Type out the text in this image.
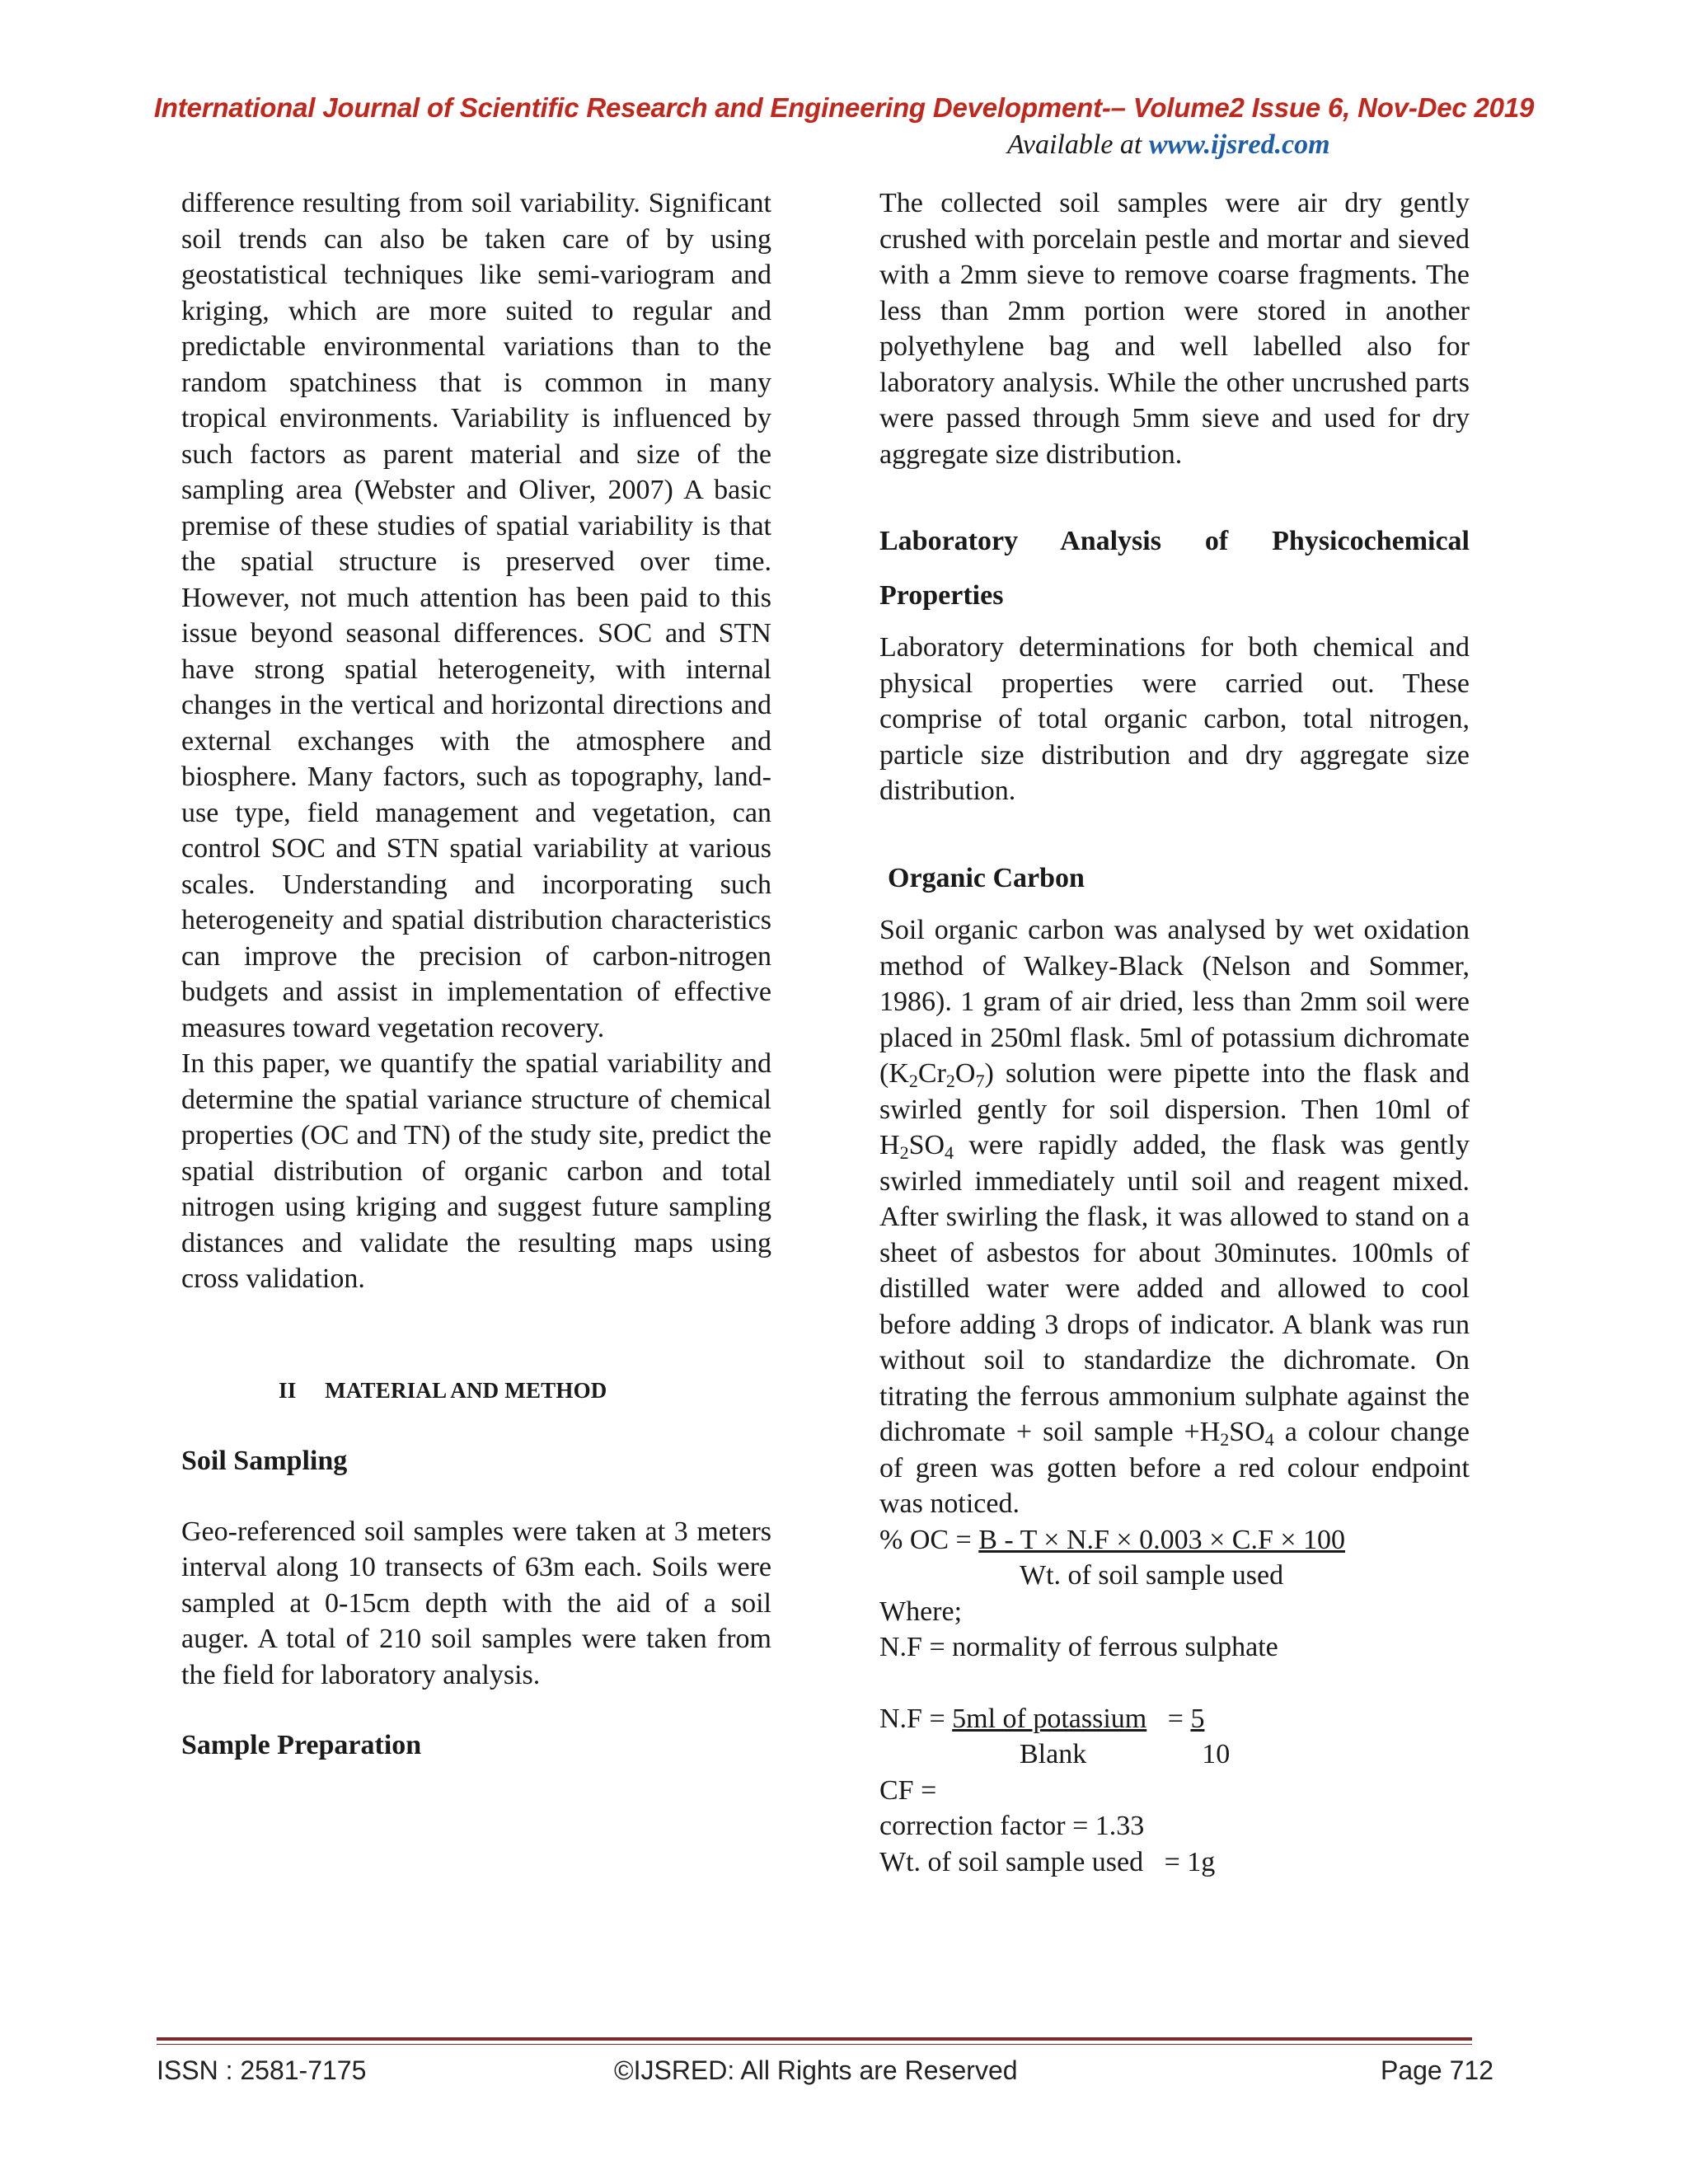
International Journal of Scientific Research and Engineering Development-– Volume2 Issue 6, Nov-Dec 2019
Available at www.ijsred.com

difference resulting from soil variability. Significant soil trends can also be taken care of by using geostatistical techniques like semi-variogram and kriging, which are more suited to regular and predictable environmental variations than to the random spatchiness that is common in many tropical environments. Variability is influenced by such factors as parent material and size of the sampling area (Webster and Oliver, 2007) A basic premise of these studies of spatial variability is that the spatial structure is preserved over time. However, not much attention has been paid to this issue beyond seasonal differences. SOC and STN have strong spatial heterogeneity, with internal changes in the vertical and horizontal directions and external exchanges with the atmosphere and biosphere. Many factors, such as topography, land-use type, field management and vegetation, can control SOC and STN spatial variability at various scales. Understanding and incorporating such heterogeneity and spatial distribution characteristics can improve the precision of carbon-nitrogen budgets and assist in implementation of effective measures toward vegetation recovery.

In this paper, we quantify the spatial variability and determine the spatial variance structure of chemical properties (OC and TN) of the study site, predict the spatial distribution of organic carbon and total nitrogen using kriging and suggest future sampling distances and validate the resulting maps using cross validation.

II     MATERIAL AND METHOD

Soil Sampling

Geo-referenced soil samples were taken at 3 meters interval along 10 transects of 63m each. Soils were sampled at 0-15cm depth with the aid of a soil auger. A total of 210 soil samples were taken from the field for laboratory analysis.

Sample Preparation

The collected soil samples were air dry gently crushed with porcelain pestle and mortar and sieved with a 2mm sieve to remove coarse fragments. The less than 2mm portion were stored in another polyethylene bag and well labelled also for laboratory analysis. While the other uncrushed parts were passed through 5mm sieve and used for dry aggregate size distribution.

Laboratory Analysis of Physicochemical

Properties

Laboratory determinations for both chemical and physical properties were carried out. These comprise of total organic carbon, total nitrogen, particle size distribution and dry aggregate size distribution.

Organic Carbon

Soil organic carbon was analysed by wet oxidation method of Walkey-Black (Nelson and Sommer, 1986). 1 gram of air dried, less than 2mm soil were placed in 250ml flask. 5ml of potassium dichromate $(K_2Cr_2O_7)$ solution were pipette into the flask and swirled gently for soil dispersion. Then 10ml of $H_2SO_4$ were rapidly added, the flask was gently swirled immediately until soil and reagent mixed. After swirling the flask, it was allowed to stand on a sheet of asbestos for about 30minutes. 100mls of distilled water were added and allowed to cool before adding 3 drops of indicator. A blank was run without soil to standardize the dichromate. On titrating the ferrous ammonium sulphate against the dichromate + soil sample $+H_2SO_4$ a colour change of green was gotten before a red colour endpoint was noticed.

% OC = B - T × N.F × 0.003 × C.F × 100
Wt. of soil sample used
Where;
N.F = normality of ferrous sulphate
N.F = 5ml of potassium   = 5
Blank	10
CF =
correction factor = 1.33
Wt. of soil sample used   = 1g
ISSN : 2581-7175	©IJSRED: All Rights are Reserved	Page 712
